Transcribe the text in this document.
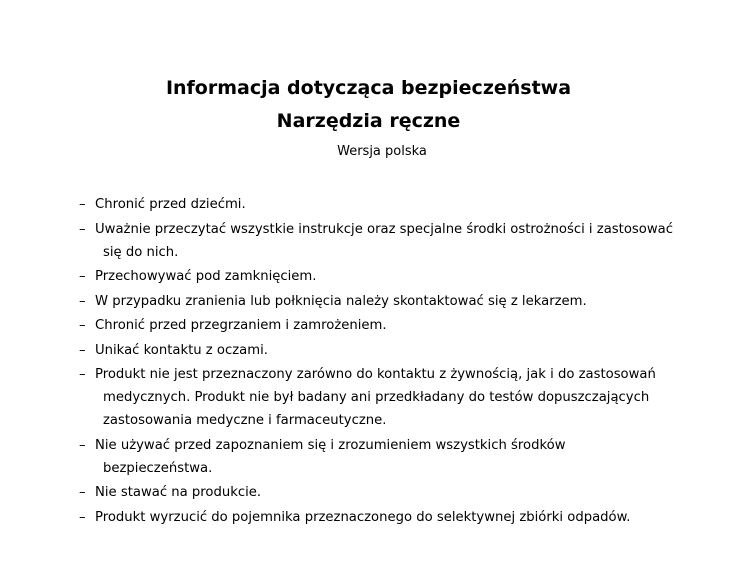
Informacja dotycząca bezpieczeństwa
Narzędzia ręczne

Wersja polska

– Chronić przed dziećmi.
– Uważnie przeczytać wszystkie instrukcje oraz specjalne środki ostrożności i zastosować
się do nich.
– Przechowywać pod zamknięciem.
– W przypadku zranienia lub połknięcia należy skontaktować się z lekarzem.
– Chronić przed przegrzaniem i zamrożeniem.
– Unikać kontaktu z oczami.
– Produkt nie jest przeznaczony zarówno do kontaktu z żywnością, jak i do zastosowań
medycznych. Produkt nie był badany ani przedkładany do testów dopuszczających
zastosowania medyczne i farmaceutyczne.
– Nie używać przed zapoznaniem się i zrozumieniem wszystkich środków
bezpieczeństwa.
– Nie stawać na produkcie.
– Produkt wyrzucić do pojemnika przeznaczonego do selektywnej zbiórki odpadów.
